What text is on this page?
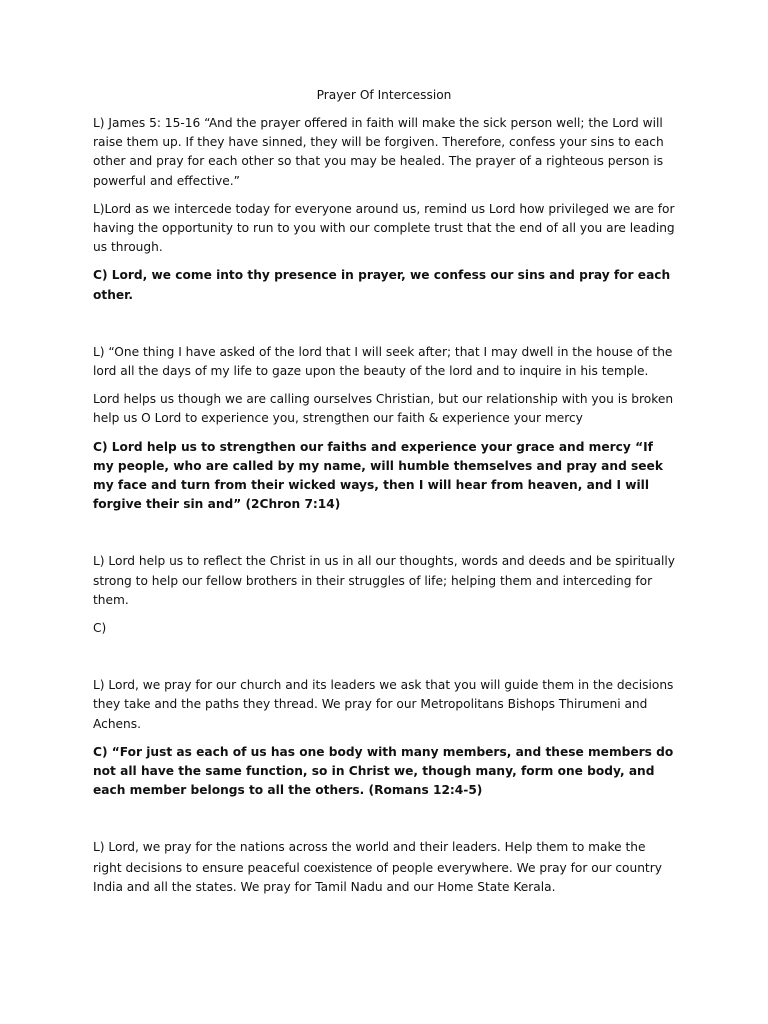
Prayer Of Intercession

L) James 5: 15-16 “And the prayer offered in faith will make the sick person well; the Lord will raise them up. If they have sinned, they will be forgiven. Therefore, confess your sins to each other and pray for each other so that you may be healed. The prayer of a righteous person is powerful and effective.”

L)Lord as we intercede today for everyone around us, remind us Lord how privileged we are for having the opportunity to run to you with our complete trust that the end of all you are leading us through.

C) Lord, we come into thy presence in prayer, we confess our sins and pray for each other.

L) “One thing I have asked of the lord that I will seek after; that I may dwell in the house of the lord all the days of my life to gaze upon the beauty of the lord and to inquire in his temple.

Lord helps us though we are calling ourselves Christian, but our relationship with you is broken help us O Lord to experience you, strengthen our faith & experience your mercy

C) Lord help us to strengthen our faiths and experience your grace and mercy “If my people, who are called by my name, will humble themselves and pray and seek my face and turn from their wicked ways, then I will hear from heaven, and I will forgive their sin and” (2Chron 7:14)

L) Lord help us to reflect the Christ in us in all our thoughts, words and deeds and be spiritually strong to help our fellow brothers in their struggles of life; helping them and interceding for them.

C)

L) Lord, we pray for our church and its leaders we ask that you will guide them in the decisions they take and the paths they thread. We pray for our Metropolitans Bishops Thirumeni and Achens.

C) “For just as each of us has one body with many members, and these members do not all have the same function, so in Christ we, though many, form one body, and each member belongs to all the others. (Romans 12:4-5)

L) Lord, we pray for the nations across the world and their leaders. Help them to make the right decisions to ensure peaceful coexistence of people everywhere. We pray for our country India and all the states. We pray for Tamil Nadu and our Home State Kerala.
